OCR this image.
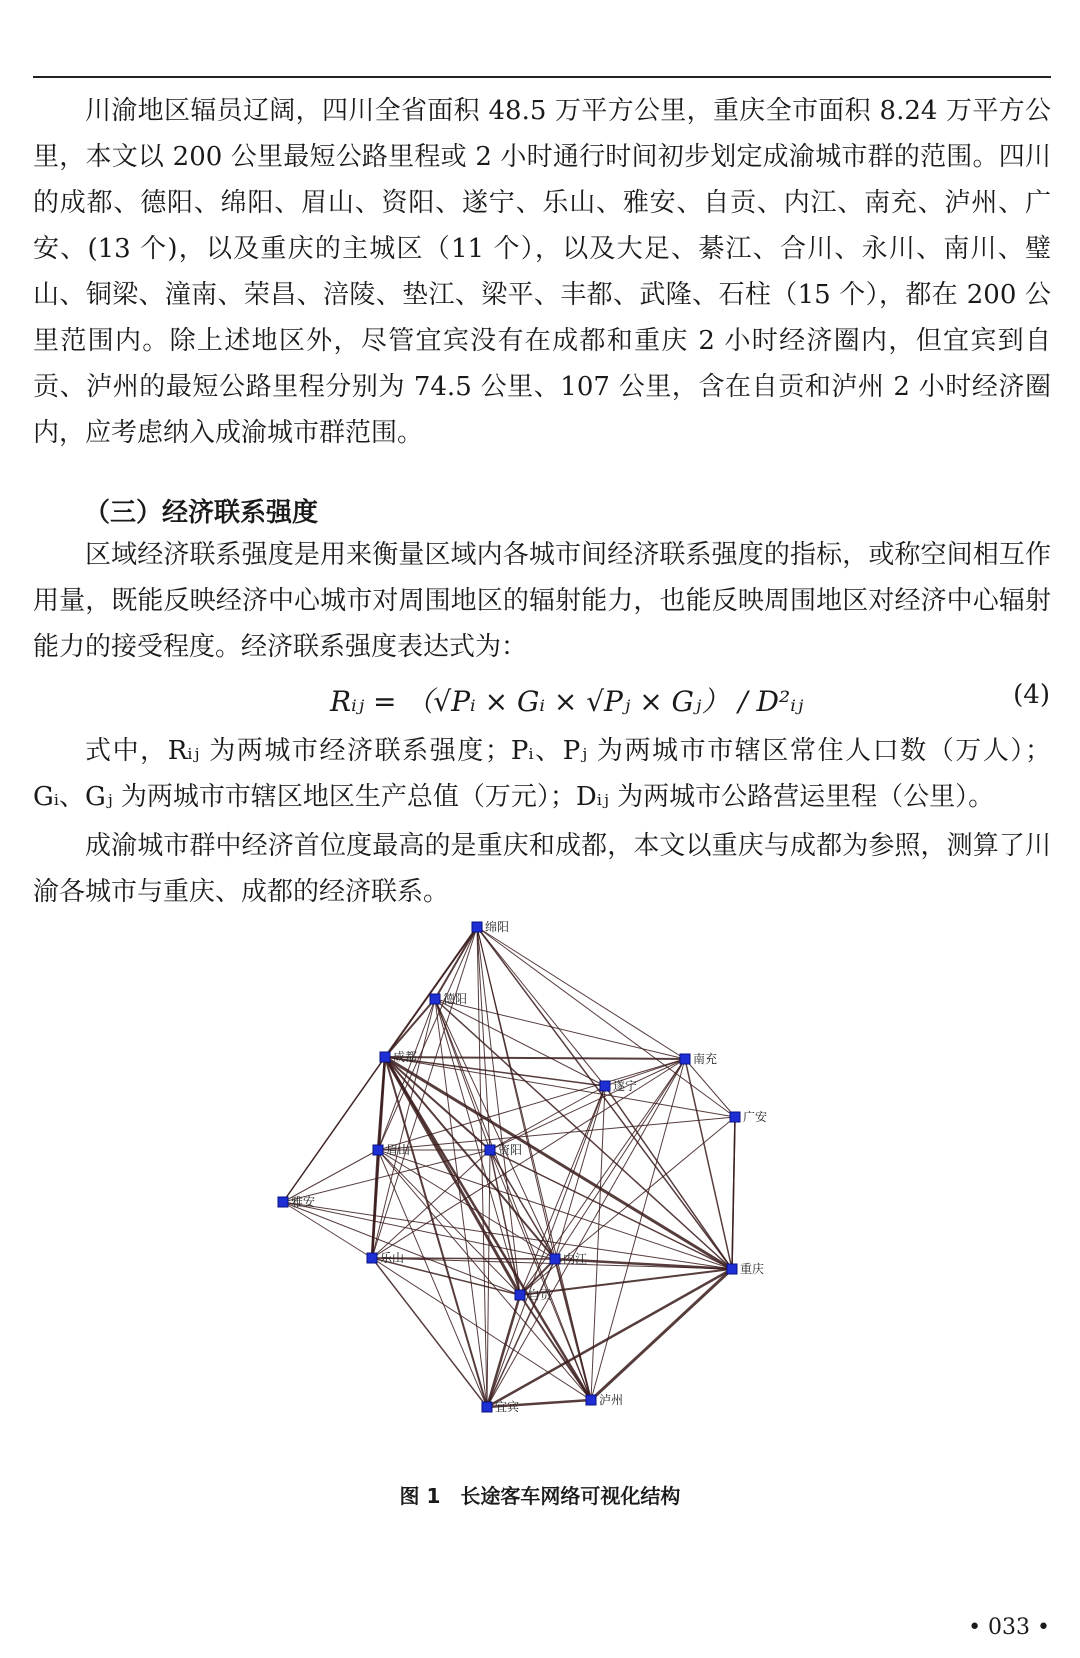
川渝地区辐员辽阔，四川全省面积 48.5 万平方公里，重庆全市面积 8.24 万平方公里，本文以 200 公里最短公路里程或 2 小时通行时间初步划定成渝城市群的范围。四川的成都、德阳、绵阳、眉山、资阳、遂宁、乐山、雅安、自贡、内江、南充、泸州、广安、(13 个)，以及重庆的主城区（11 个），以及大足、綦江、合川、永川、南川、璧山、铜梁、潼南、荣昌、涪陵、垫江、梁平、丰都、武隆、石柱（15 个），都在 200 公里范围内。除上述地区外，尽管宜宾没有在成都和重庆 2 小时经济圈内，但宜宾到自贡、泸州的最短公路里程分别为 74.5 公里、107 公里，含在自贡和泸州 2 小时经济圈内，应考虑纳入成渝城市群范围。

（三）经济联系强度

区域经济联系强度是用来衡量区域内各城市间经济联系强度的指标，或称空间相互作用量，既能反映经济中心城市对周围地区的辐射能力，也能反映周围地区对经济中心辐射能力的接受程度。经济联系强度表达式为：

Rᵢⱼ = （√Pᵢ × Gᵢ × √Pⱼ × Gⱼ） / D²ᵢⱼ	(4)

式中，Rᵢⱼ 为两城市经济联系强度；Pᵢ、Pⱼ 为两城市市辖区常住人口数（万人）；Gᵢ、Gⱼ 为两城市市辖区地区生产总值（万元）；Dᵢⱼ 为两城市公路营运里程（公里）。

成渝城市群中经济首位度最高的是重庆和成都，本文以重庆与成都为参照，测算了川渝各城市与重庆、成都的经济联系。

绵阳
德阳
成都
遂宁
南充
广安
眉山	资阳
雅安
乐山	内江
自贡
重庆
宜宾	泸州
图 1　长途客车网络可视化结构
• 033 •
